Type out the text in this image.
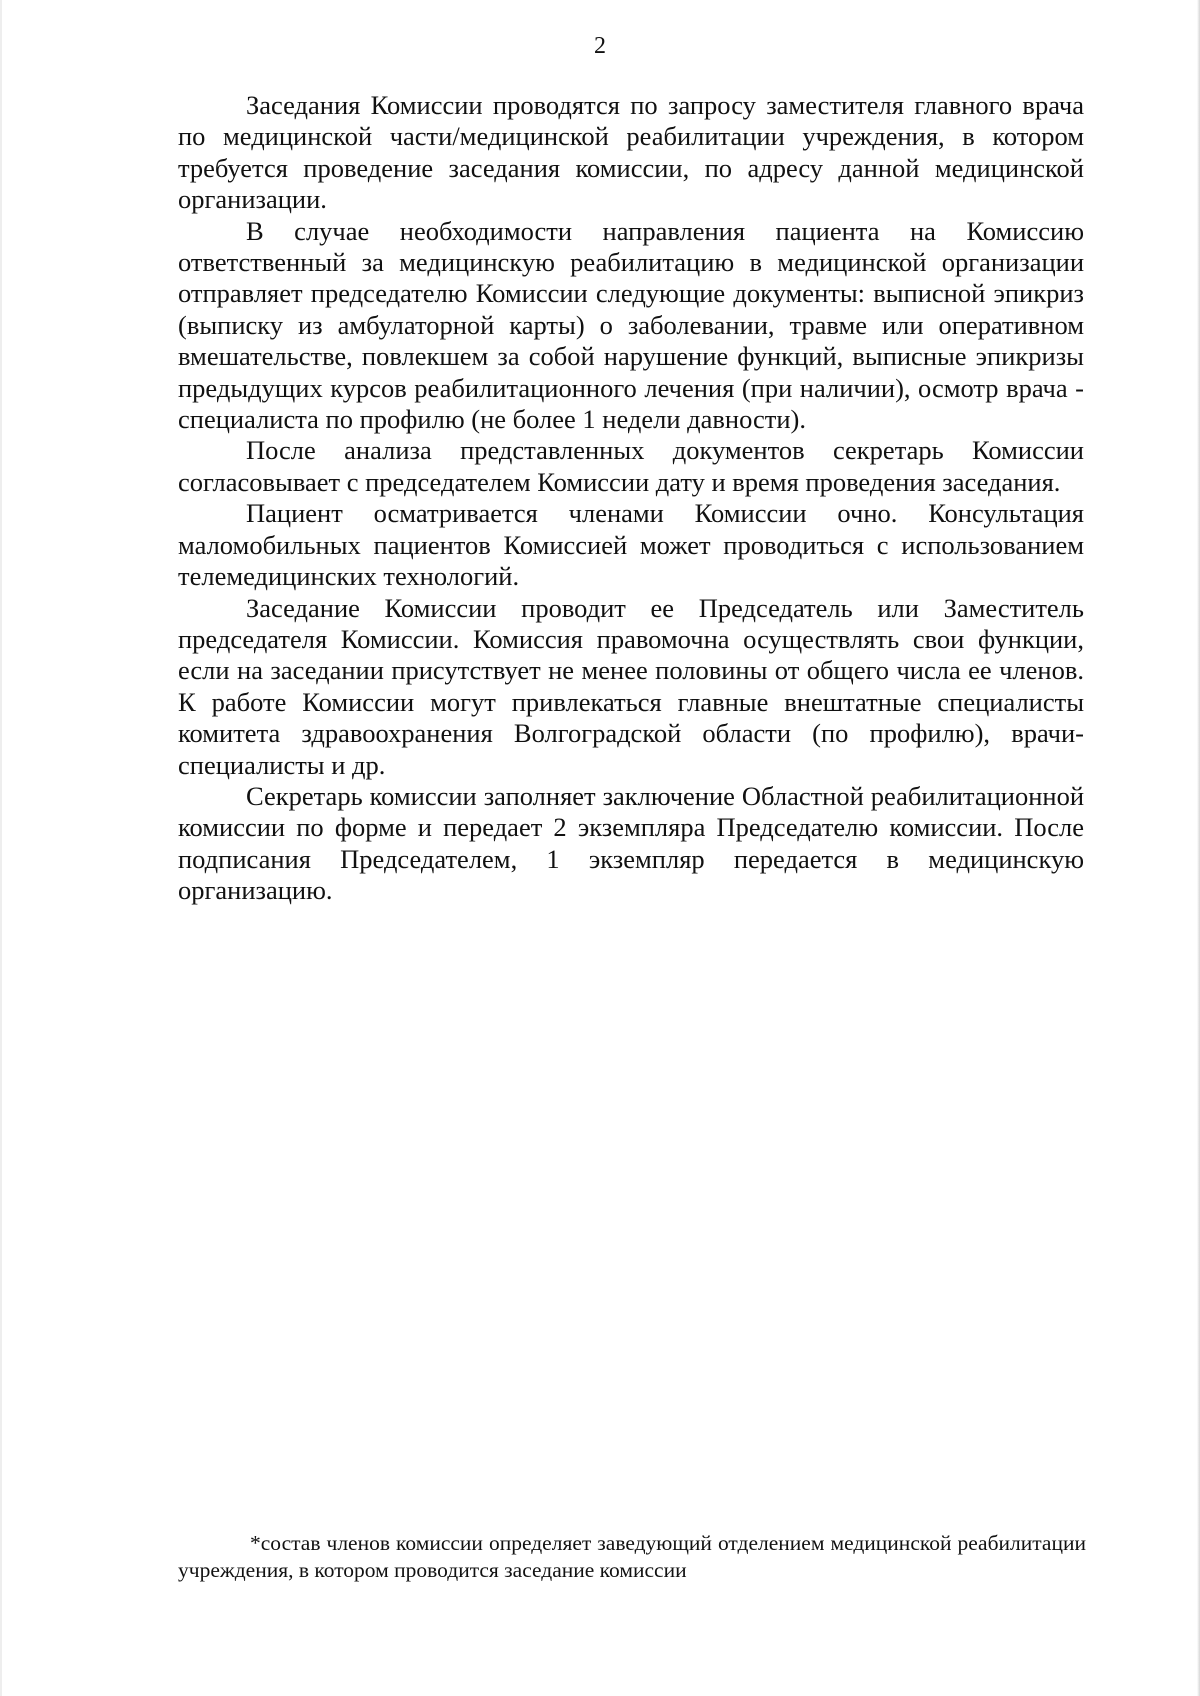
2

Заседания Комиссии проводятся по запросу заместителя главного врача по медицинской части/медицинской реабилитации учреждения, в котором требуется проведение заседания комиссии, по адресу данной медицинской организации.

В случае необходимости направления пациента на Комиссию ответственный за медицинскую реабилитацию в медицинской организации отправляет председателю Комиссии следующие документы: выписной эпикриз (выписку из амбулаторной карты) о заболевании, травме или оперативном вмешательстве, повлекшем за собой нарушение функций, выписные эпикризы предыдущих курсов реабилитационного лечения (при наличии), осмотр врача - специалиста по профилю (не более 1 недели давности).

После анализа представленных документов секретарь Комиссии согласовывает с председателем Комиссии дату и время проведения заседания.

Пациент осматривается членами Комиссии очно. Консультация маломобильных пациентов Комиссией может проводиться с использованием телемедицинских технологий.

Заседание Комиссии проводит ее Председатель или Заместитель председателя Комиссии. Комиссия правомочна осуществлять свои функции, если на заседании присутствует не менее половины от общего числа ее членов. К работе Комиссии могут привлекаться главные внештатные специалисты комитета здравоохранения Волгоградской области (по профилю), врачи-специалисты и др.

Секретарь комиссии заполняет заключение Областной реабилитационной комиссии по форме и передает 2 экземпляра Председателю комиссии. После подписания Председателем, 1 экземпляр передается в медицинскую организацию.

*состав членов комиссии определяет заведующий отделением медицинской реабилитации учреждения, в котором проводится заседание комиссии
